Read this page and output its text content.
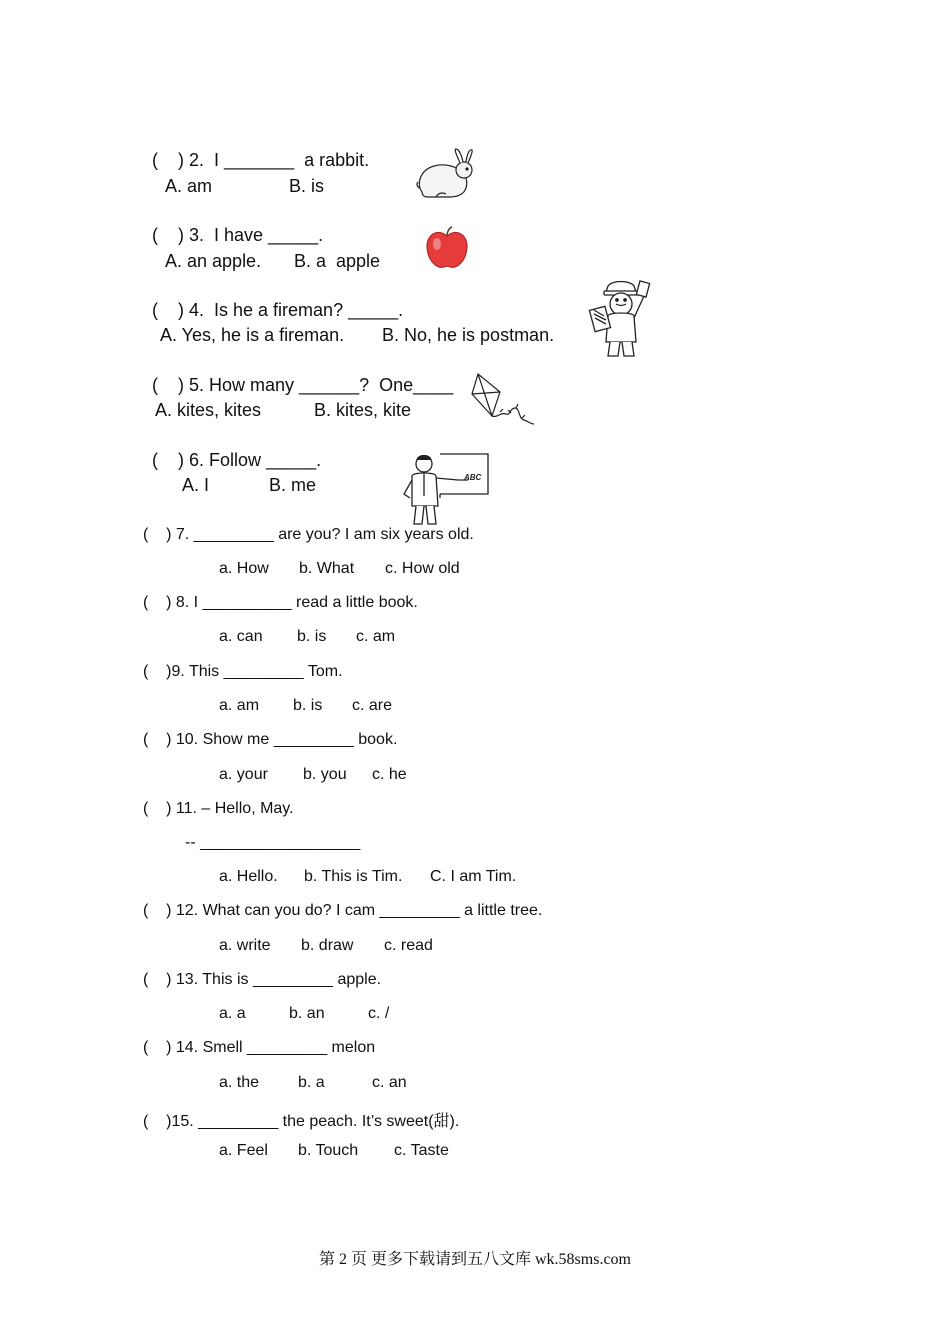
(    ) 2.  I _______  a rabbit.
A. am	B. is
(    ) 3.  I have _____.
A. an apple. B. a  apple
(    ) 4.  Is he a fireman? _____.
A. Yes, he is a fireman. B. No, he is postman.
(    ) 5. How many ______?  One____
A. kites, kites	B. kites, kite
(    ) 6. Follow _____.
A. I	B. me
(    ) 7. _________ are you? I am six years old.
a. How b. What c. How old
(    ) 8. I __________ read a little book.
a. can b. is c. am
(    )9. This _________ Tom.
a. am b. is c. are
(    ) 10. Show me _________ book.
a. your b. you c. he
(    ) 11. – Hello, May.
-- __________________
a. Hello. b. This is Tim. C. I am Tim.
(    ) 12. What can you do? I cam _________ a little tree.
a. write b. draw c. read
(    ) 13. This is _________ apple.
a. a	b. an	c. /
(    ) 14. Smell _________ melon
a. the b. a	c. an
(    )15. _________ the peach. It’s sweet(甜).
a. Feel b. Touch c. Taste
ABC
第 2 页 更多下载请到五八文库 wk.58sms.com
